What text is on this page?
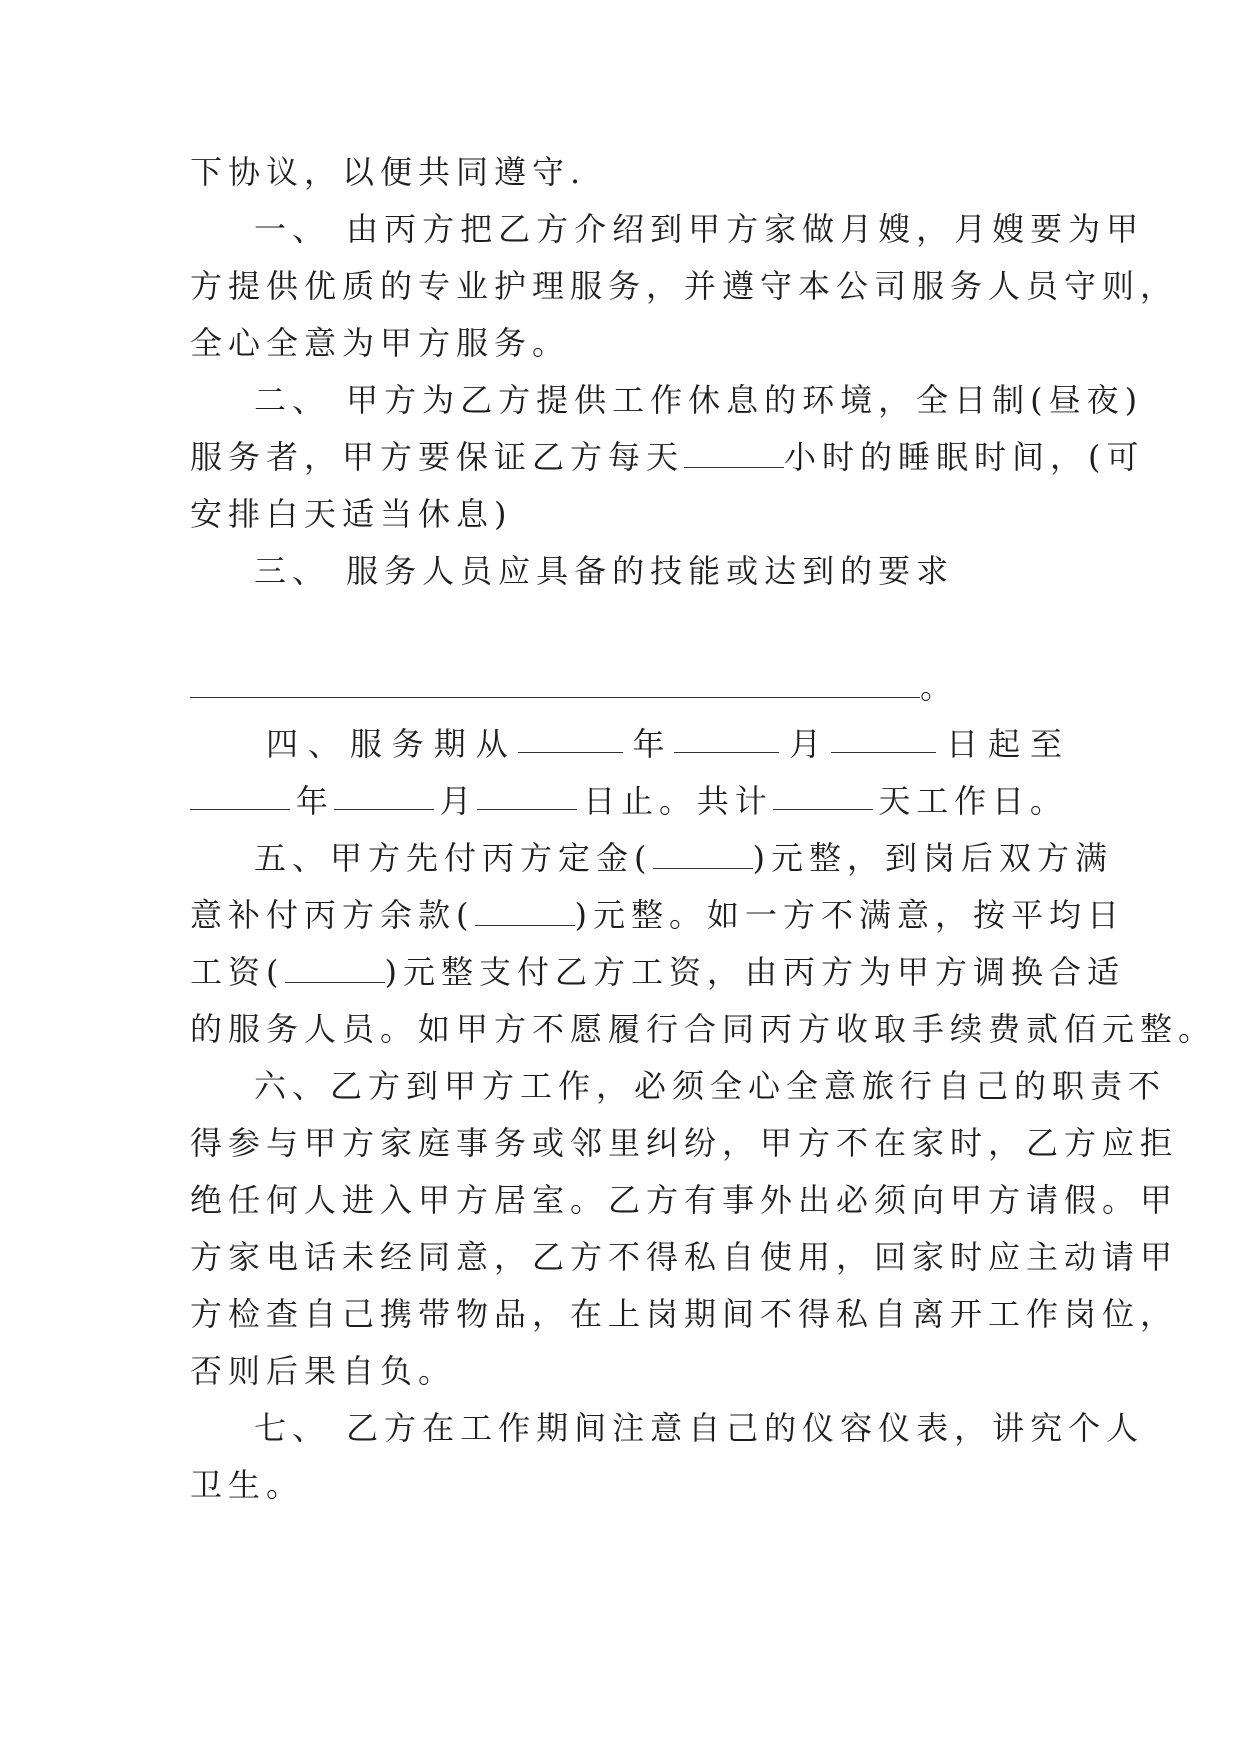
下协议，以便共同遵守.
一、 由丙方把乙方介绍到甲方家做月嫂，月嫂要为甲
方提供优质的专业护理服务，并遵守本公司服务人员守则，
全心全意为甲方服务。
二、 甲方为乙方提供工作休息的环境，全日制(昼夜)
服务者，甲方要保证乙方每天	小时的睡眠时间，(可
安排白天适当休息)
三、 服务人员应具备的技能或达到的要求
。
四 、 服 务 期 从	年	月	日 起 至
年	月	日 止 。 共 计	天 工 作 日 。
五、甲方先付丙方定金(	)元整，到岗后双方满
意补付丙方余款(	)元整。如一方不满意，按平均日
工资(	)元整支付乙方工资，由丙方为甲方调换合适
的服务人员。如甲方不愿履行合同丙方收取手续费贰佰元整。
六、乙方到甲方工作，必须全心全意旅行自己的职责不
得参与甲方家庭事务或邻里纠纷，甲方不在家时，乙方应拒
绝任何人进入甲方居室。乙方有事外出必须向甲方请假。甲
方家电话未经同意，乙方不得私自使用，回家时应主动请甲
方检查自己携带物品，在上岗期间不得私自离开工作岗位，
否则后果自负。
七、 乙方在工作期间注意自己的仪容仪表，讲究个人
卫生。
